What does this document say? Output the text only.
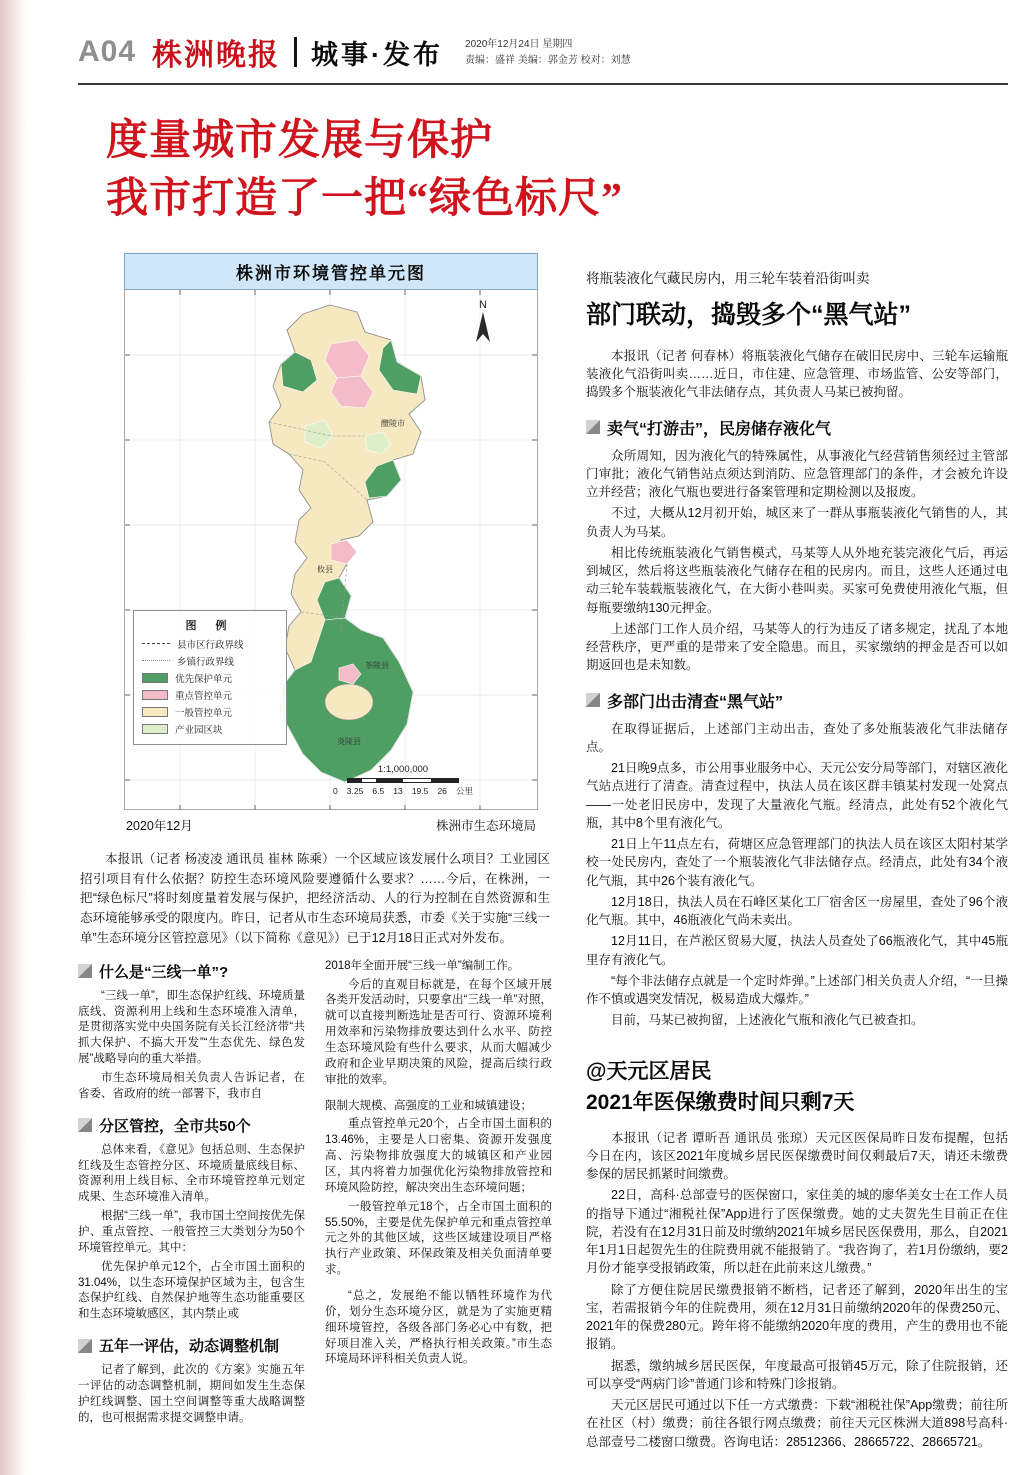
A04 株洲晚报 城事·发布 2020年12月24日 星期四
责编：盛祥 美编：郭金芳 校对：刘慧
度量城市发展与保护
我市打造了一把“绿色标尺”
株洲市环境管控单元图
醴陵市
攸县
茶陵县
炎陵县
N
图 例
县市区行政界线
乡镇行政界线
优先保护单元
重点管控单元
一般管控单元
产业园区块
1:1,000,000
0 3.25 6.5 13 19.5 26 公里
2020年12月	株洲市生态环境局

本报讯（记者 杨凌凌 通讯员 崔林 陈乘）一个区域应该发展什么项目？工业园区招引项目有什么依据？防控生态环境风险要遵循什么要求？……今后，在株洲，一把“绿色标尺”将时刻度量着发展与保护，把经济活动、人的行为控制在自然资源和生态环境能够承受的限度内。昨日，记者从市生态环境局获悉，市委《关于实施“三线一单”生态环境分区管控意见》（以下简称《意见》）已于12月18日正式对外发布。

什么是“三线一单”?

“三线一单”，即生态保护红线、环境质量底线、资源利用上线和生态环境准入清单，是贯彻落实党中央国务院有关长江经济带“共抓大保护、不搞大开发”“生态优先、绿色发展”战略导向的重大举措。

市生态环境局相关负责人告诉记者，在省委、省政府的统一部署下，我市自

分区管控，全市共50个

总体来看，《意见》包括总则、生态保护红线及生态管控分区、环境质量底线目标、资源利用上线目标、全市环境管控单元划定成果、生态环境准入清单。

根据“三线一单”，我市国土空间按优先保护、重点管控、一般管控三大类划分为50个环境管控单元。其中：

优先保护单元12个，占全市国土面积的31.04%，以生态环境保护区域为主，包含生态保护红线、自然保护地等生态功能重要区和生态环境敏感区，其内禁止或

五年一评估，动态调整机制

记者了解到，此次的《方案》实施五年一评估的动态调整机制，期间如发生生态保护红线调整、国土空间调整等重大战略调整的，也可根据需求提交调整申请。

2018年全面开展“三线一单”编制工作。

今后的直观目标就是，在每个区域开展各类开发活动时，只要拿出“三线一单”对照，就可以直接判断选址是否可行、资源环境利用效率和污染物排放要达到什么水平、防控生态环境风险有些什么要求，从而大幅减少政府和企业早期决策的风险，提高后续行政审批的效率。

限制大规模、高强度的工业和城镇建设；

重点管控单元20个，占全市国土面积的13.46%，主要是人口密集、资源开发强度高、污染物排放强度大的城镇区和产业园区，其内将着力加强优化污染物排放管控和环境风险防控，解决突出生态环境问题；

一般管控单元18个，占全市国土面积的55.50%，主要是优先保护单元和重点管控单元之外的其他区域，这些区域建设项目严格执行产业政策、环保政策及相关负面清单要求。

“总之，发展绝不能以牺牲环境作为代价，划分生态环境分区，就是为了实施更精细环境管控，各级各部门务必心中有数，把好项目准入关，严格执行相关政策。”市生态环境局环评科相关负责人说。

将瓶装液化气藏民房内，用三轮车装着沿街叫卖
部门联动，捣毁多个“黑气站”

本报讯（记者 何春林）将瓶装液化气储存在破旧民房中、三轮车运输瓶装液化气沿街叫卖……近日，市住建、应急管理、市场监管、公安等部门，捣毁多个瓶装液化气非法储存点，其负责人马某已被拘留。

卖气“打游击”，民房储存液化气

众所周知，因为液化气的特殊属性，从事液化气经营销售须经过主管部门审批；液化气销售站点须达到消防、应急管理部门的条件，才会被允许设立并经营；液化气瓶也要进行备案管理和定期检测以及报废。

不过，大概从12月初开始，城区来了一群从事瓶装液化气销售的人，其负责人为马某。

相比传统瓶装液化气销售模式，马某等人从外地充装完液化气后，再运到城区，然后将这些瓶装液化气储存在租的民房内。而且，这些人还通过电动三轮车装载瓶装液化气，在大街小巷叫卖。买家可免费使用液化气瓶，但每瓶要缴纳130元押金。

上述部门工作人员介绍，马某等人的行为违反了诸多规定，扰乱了本地经营秩序，更严重的是带来了安全隐患。而且，买家缴纳的押金是否可以如期返回也是未知数。

多部门出击清查“黑气站”

在取得证据后，上述部门主动出击，查处了多处瓶装液化气非法储存点。

21日晚9点多，市公用事业服务中心、天元公安分局等部门，对辖区液化气站点进行了清查。清查过程中，执法人员在该区群丰镇某村发现一处窝点——一处老旧民房中，发现了大量液化气瓶。经清点，此处有52个液化气瓶，其中8个里有液化气。

21日上午11点左右，荷塘区应急管理部门的执法人员在该区太阳村某学校一处民房内，查处了一个瓶装液化气非法储存点。经清点，此处有34个液化气瓶，其中26个装有液化气。

12月18日，执法人员在石峰区某化工厂宿舍区一房屋里，查处了96个液化气瓶。其中，46瓶液化气尚未卖出。

12月11日，在芦淞区贸易大厦，执法人员查处了66瓶液化气，其中45瓶里存有液化气。

“每个非法储存点就是一个定时炸弹。”上述部门相关负责人介绍，“一旦操作不慎或遇突发情况，极易造成大爆炸。”

目前，马某已被拘留，上述液化气瓶和液化气已被查扣。

@天元区居民
2021年医保缴费时间只剩7天

本报讯（记者 谭昕吾 通讯员 张琼）天元区医保局昨日发布提醒，包括今日在内，该区2021年度城乡居民医保缴费时间仅剩最后7天，请还未缴费参保的居民抓紧时间缴费。

22日，高科·总部壹号的医保窗口，家住美的城的廖华美女士在工作人员的指导下通过“湘税社保”App进行了医保缴费。她的丈夫贺先生目前正在住院，若没有在12月31日前及时缴纳2021年城乡居民医保费用，那么，自2021年1月1日起贺先生的住院费用就不能报销了。“我咨询了，若1月份缴纳，要2月份才能享受报销政策，所以赶在此前来这儿缴费。”

除了方便住院居民缴费报销不断档，记者还了解到，2020年出生的宝宝，若需报销今年的住院费用，须在12月31日前缴纳2020年的保费250元、2021年的保费280元。跨年将不能缴纳2020年度的费用，产生的费用也不能报销。

据悉，缴纳城乡居民医保，年度最高可报销45万元，除了住院报销，还可以享受“两病门诊”普通门诊和特殊门诊报销。

天元区居民可通过以下任一方式缴费：下载“湘税社保”App缴费；前往所在社区（村）缴费；前往各银行网点缴费；前往天元区株洲大道898号高科·总部壹号二楼窗口缴费。咨询电话：28512366、28665722、28665721。
